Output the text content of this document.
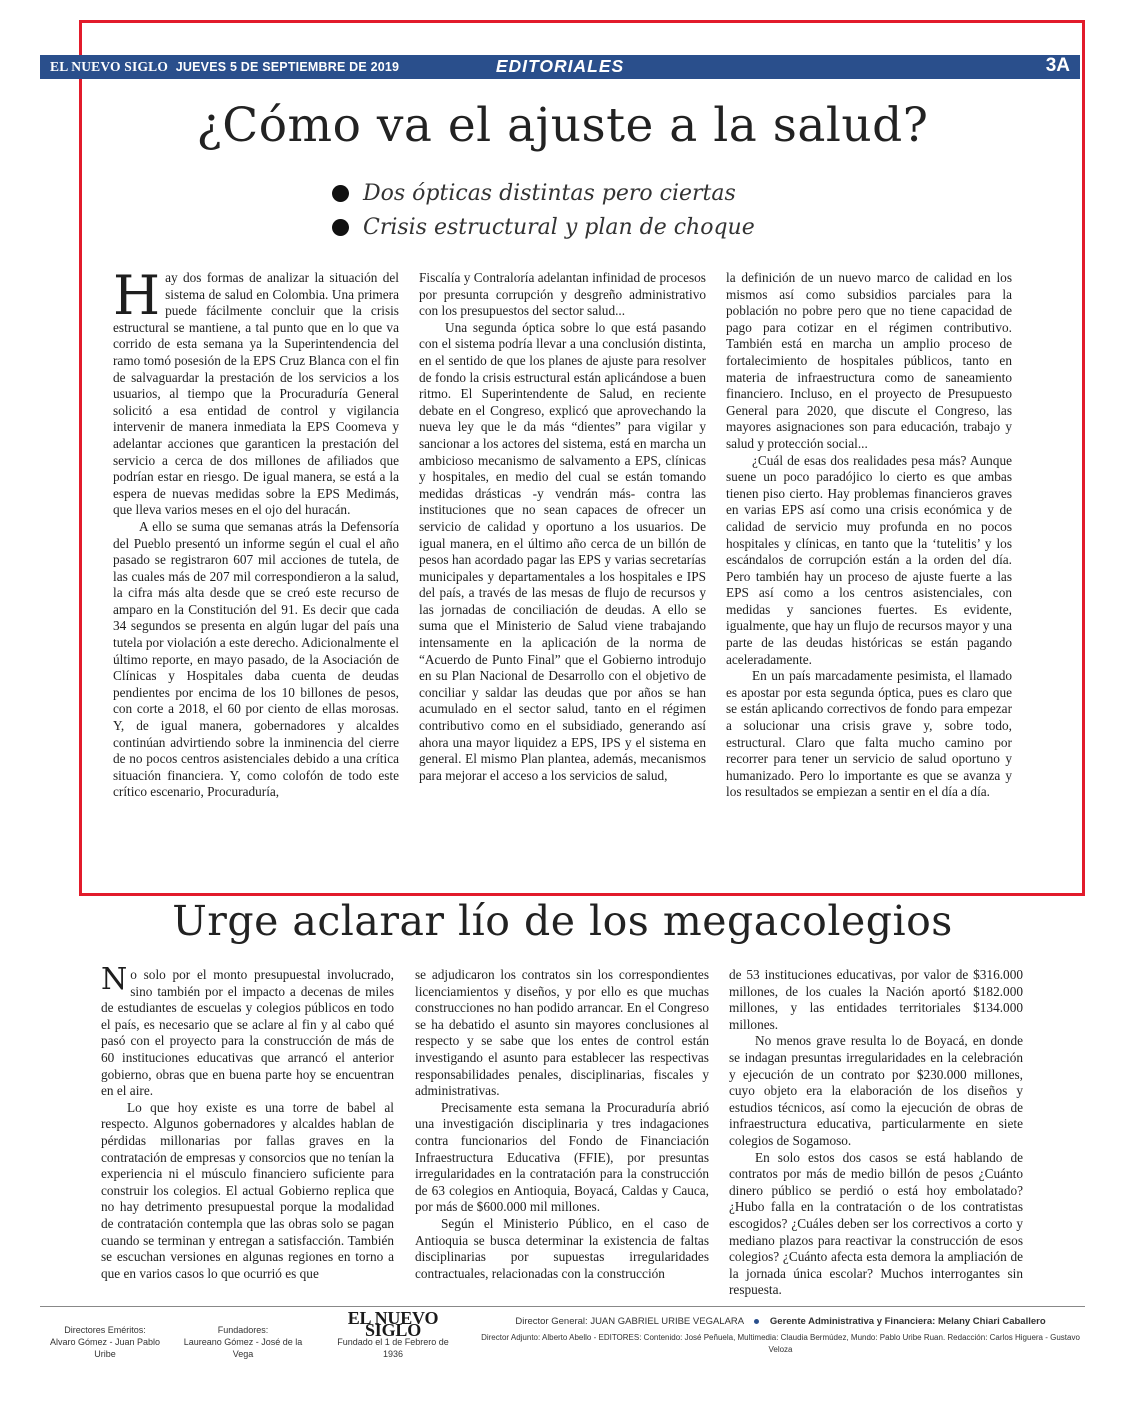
EL NUEVO SIGLO JUEVES 5 DE SEPTIEMBRE DE 2019	EDITORIALES	3A
¿Cómo va el ajuste a la salud?
Dos ópticas distintas pero ciertas
Crisis estructural y plan de choque

Hay dos formas de analizar la situación del sistema de salud en Colombia. Una primera puede fácilmente concluir que la crisis estructural se mantiene, a tal punto que en lo que va corrido de esta semana ya la Superintendencia del ramo tomó posesión de la EPS Cruz Blanca con el fin de salvaguardar la prestación de los servicios a los usuarios, al tiempo que la Procuraduría General solicitó a esa entidad de control y vigilancia intervenir de manera inmediata la EPS Coomeva y adelantar acciones que garanticen la prestación del servicio a cerca de dos millones de afiliados que podrían estar en riesgo. De igual manera, se está a la espera de nuevas medidas sobre la EPS Medimás, que lleva varios meses en el ojo del huracán.

A ello se suma que semanas atrás la Defensoría del Pueblo presentó un informe según el cual el año pasado se registraron 607 mil acciones de tutela, de las cuales más de 207 mil correspondieron a la salud, la cifra más alta desde que se creó este recurso de amparo en la Constitución del 91. Es decir que cada 34 segundos se presenta en algún lugar del país una tutela por violación a este derecho. Adicionalmente el último reporte, en mayo pasado, de la Asociación de Clínicas y Hospitales daba cuenta de deudas pendientes por encima de los 10 billones de pesos, con corte a 2018, el 60 por ciento de ellas morosas. Y, de igual manera, gobernadores y alcaldes continúan advirtiendo sobre la inminencia del cierre de no pocos centros asistenciales debido a una crítica situación financiera. Y, como colofón de todo este crítico escenario, Procuraduría,

Fiscalía y Contraloría adelantan infinidad de procesos por presunta corrupción y desgreño administrativo con los presupuestos del sector salud...

Una segunda óptica sobre lo que está pasando con el sistema podría llevar a una conclusión distinta, en el sentido de que los planes de ajuste para resolver de fondo la crisis estructural están aplicándose a buen ritmo. El Superintendente de Salud, en reciente debate en el Congreso, explicó que aprovechando la nueva ley que le da más “dientes” para vigilar y sancionar a los actores del sistema, está en marcha un ambicioso mecanismo de salvamento a EPS, clínicas y hospitales, en medio del cual se están tomando medidas drásticas -y vendrán más- contra las instituciones que no sean capaces de ofrecer un servicio de calidad y oportuno a los usuarios. De igual manera, en el último año cerca de un billón de pesos han acordado pagar las EPS y varias secretarías municipales y departamentales a los hospitales e IPS del país, a través de las mesas de flujo de recursos y las jornadas de conciliación de deudas. A ello se suma que el Ministerio de Salud viene trabajando intensamente en la aplicación de la norma de “Acuerdo de Punto Final” que el Gobierno introdujo en su Plan Nacional de Desarrollo con el objetivo de conciliar y saldar las deudas que por años se han acumulado en el sector salud, tanto en el régimen contributivo como en el subsidiado, generando así ahora una mayor liquidez a EPS, IPS y el sistema en general. El mismo Plan plantea, además, mecanismos para mejorar el acceso a los servicios de salud,

la definición de un nuevo marco de calidad en los mismos así como subsidios parciales para la población no pobre pero que no tiene capacidad de pago para cotizar en el régimen contributivo. También está en marcha un amplio proceso de fortalecimiento de hospitales públicos, tanto en materia de infraestructura como de saneamiento financiero. Incluso, en el proyecto de Presupuesto General para 2020, que discute el Congreso, las mayores asignaciones son para educación, trabajo y salud y protección social...

¿Cuál de esas dos realidades pesa más? Aunque suene un poco paradójico lo cierto es que ambas tienen piso cierto. Hay problemas financieros graves en varias EPS así como una crisis económica y de calidad de servicio muy profunda en no pocos hospitales y clínicas, en tanto que la ‘tutelitis’ y los escándalos de corrupción están a la orden del día. Pero también hay un proceso de ajuste fuerte a las EPS así como a los centros asistenciales, con medidas y sanciones fuertes. Es evidente, igualmente, que hay un flujo de recursos mayor y una parte de las deudas históricas se están pagando aceleradamente.

En un país marcadamente pesimista, el llamado es apostar por esta segunda óptica, pues es claro que se están aplicando correctivos de fondo para empezar a solucionar una crisis grave y, sobre todo, estructural. Claro que falta mucho camino por recorrer para tener un servicio de salud oportuno y humanizado. Pero lo importante es que se avanza y los resultados se empiezan a sentir en el día a día.

Urge aclarar lío de los megacolegios

No solo por el monto presupuestal involucrado, sino también por el impacto a decenas de miles de estudiantes de escuelas y colegios públicos en todo el país, es necesario que se aclare al fin y al cabo qué pasó con el proyecto para la construcción de más de 60 instituciones educativas que arrancó el anterior gobierno, obras que en buena parte hoy se encuentran en el aire.

Lo que hoy existe es una torre de babel al respecto. Algunos gobernadores y alcaldes hablan de pérdidas millonarias por fallas graves en la contratación de empresas y consorcios que no tenían la experiencia ni el músculo financiero suficiente para construir los colegios. El actual Gobierno replica que no hay detrimento presupuestal porque la modalidad de contratación contempla que las obras solo se pagan cuando se terminan y entregan a satisfacción. También se escuchan versiones en algunas regiones en torno a que en varios casos lo que ocurrió es que

se adjudicaron los contratos sin los correspondientes licenciamientos y diseños, y por ello es que muchas construcciones no han podido arrancar. En el Congreso se ha debatido el asunto sin mayores conclusiones al respecto y se sabe que los entes de control están investigando el asunto para establecer las respectivas responsabilidades penales, disciplinarias, fiscales y administrativas.

Precisamente esta semana la Procuraduría abrió una investigación disciplinaria y tres indagaciones contra funcionarios del Fondo de Financiación Infraestructura Educativa (FFIE), por presuntas irregularidades en la contratación para la construcción de 63 colegios en Antioquia, Boyacá, Caldas y Cauca, por más de $600.000 mil millones.

Según el Ministerio Público, en el caso de Antioquia se busca determinar la existencia de faltas disciplinarias por supuestas irregularidades contractuales, relacionadas con la construcción

de 53 instituciones educativas, por valor de $316.000 millones, de los cuales la Nación aportó $182.000 millones, y las entidades territoriales $134.000 millones.

No menos grave resulta lo de Boyacá, en donde se indagan presuntas irregularidades en la celebración y ejecución de un contrato por $230.000 millones, cuyo objeto era la elaboración de los diseños y estudios técnicos, así como la ejecución de obras de infraestructura educativa, particularmente en siete colegios de Sogamoso.

En solo estos dos casos se está hablando de contratos por más de medio billón de pesos ¿Cuánto dinero público se perdió o está hoy embolatado? ¿Hubo falla en la contratación o de los contratistas escogidos? ¿Cuáles deben ser los correctivos a corto y mediano plazos para reactivar la construcción de esos colegios? ¿Cuánto afecta esta demora la ampliación de la jornada única escolar? Muchos interrogantes sin respuesta.

Directores Eméritos:
Alvaro Gómez - Juan Pablo Uribe
Fundadores:
Laureano Gómez - José de la Vega
EL NUEVO SIGLO
Fundado el 1 de Febrero de 1936
Director General: JUAN GABRIEL URIBE VEGALARA	Gerente Administrativa y Financiera: Melany Chiari Caballero
Director Adjunto: Alberto Abello - EDITORES: Contenido: José Peñuela, Multimedia: Claudia Bermúdez, Mundo: Pablo Uribe Ruan. Redacción: Carlos Higuera - Gustavo Veloza
